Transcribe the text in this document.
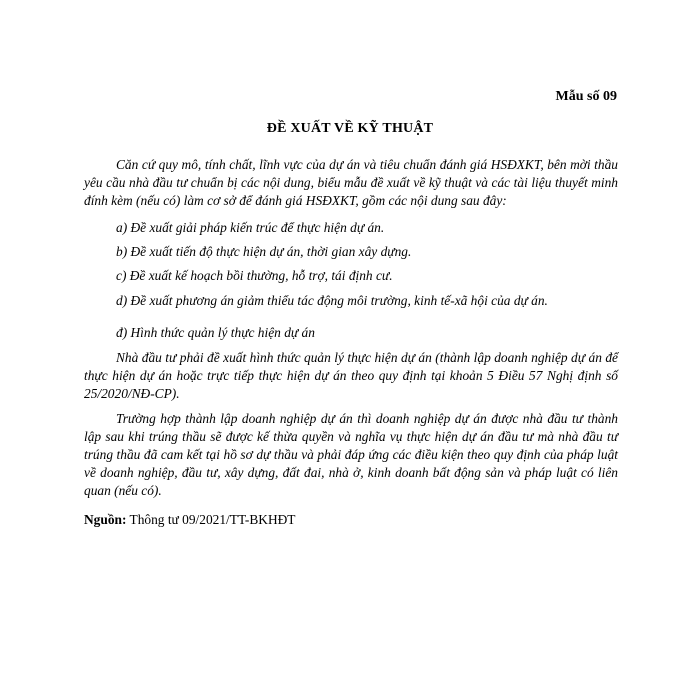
Mẫu số 09
ĐỀ XUẤT VỀ KỸ THUẬT
Căn cứ quy mô, tính chất, lĩnh vực của dự án và tiêu chuẩn đánh giá HSĐXKT, bên mời thầu yêu cầu nhà đầu tư chuẩn bị các nội dung, biểu mẫu đề xuất về kỹ thuật và các tài liệu thuyết minh đính kèm (nếu có) làm cơ sở để đánh giá HSĐXKT, gồm các nội dung sau đây:
a) Đề xuất giải pháp kiến trúc để thực hiện dự án.
b) Đề xuất tiến độ thực hiện dự án, thời gian xây dựng.
c) Đề xuất kế hoạch bồi thường, hỗ trợ, tái định cư.
d) Đề xuất phương án giảm thiểu tác động môi trường, kinh tế-xã hội của dự án.
đ) Hình thức quản lý thực hiện dự án
Nhà đầu tư phải đề xuất hình thức quản lý thực hiện dự án (thành lập doanh nghiệp dự án để thực hiện dự án hoặc trực tiếp thực hiện dự án theo quy định tại khoản 5 Điều 57 Nghị định số 25/2020/NĐ-CP).
Trường hợp thành lập doanh nghiệp dự án thì doanh nghiệp dự án được nhà đầu tư thành lập sau khi trúng thầu sẽ được kế thừa quyền và nghĩa vụ thực hiện dự án đầu tư mà nhà đầu tư trúng thầu đã cam kết tại hồ sơ dự thầu và phải đáp ứng các điều kiện theo quy định của pháp luật về doanh nghiệp, đầu tư, xây dựng, đất đai, nhà ở, kinh doanh bất động sản và pháp luật có liên quan (nếu có).
Nguồn: Thông tư 09/2021/TT-BKHĐT
